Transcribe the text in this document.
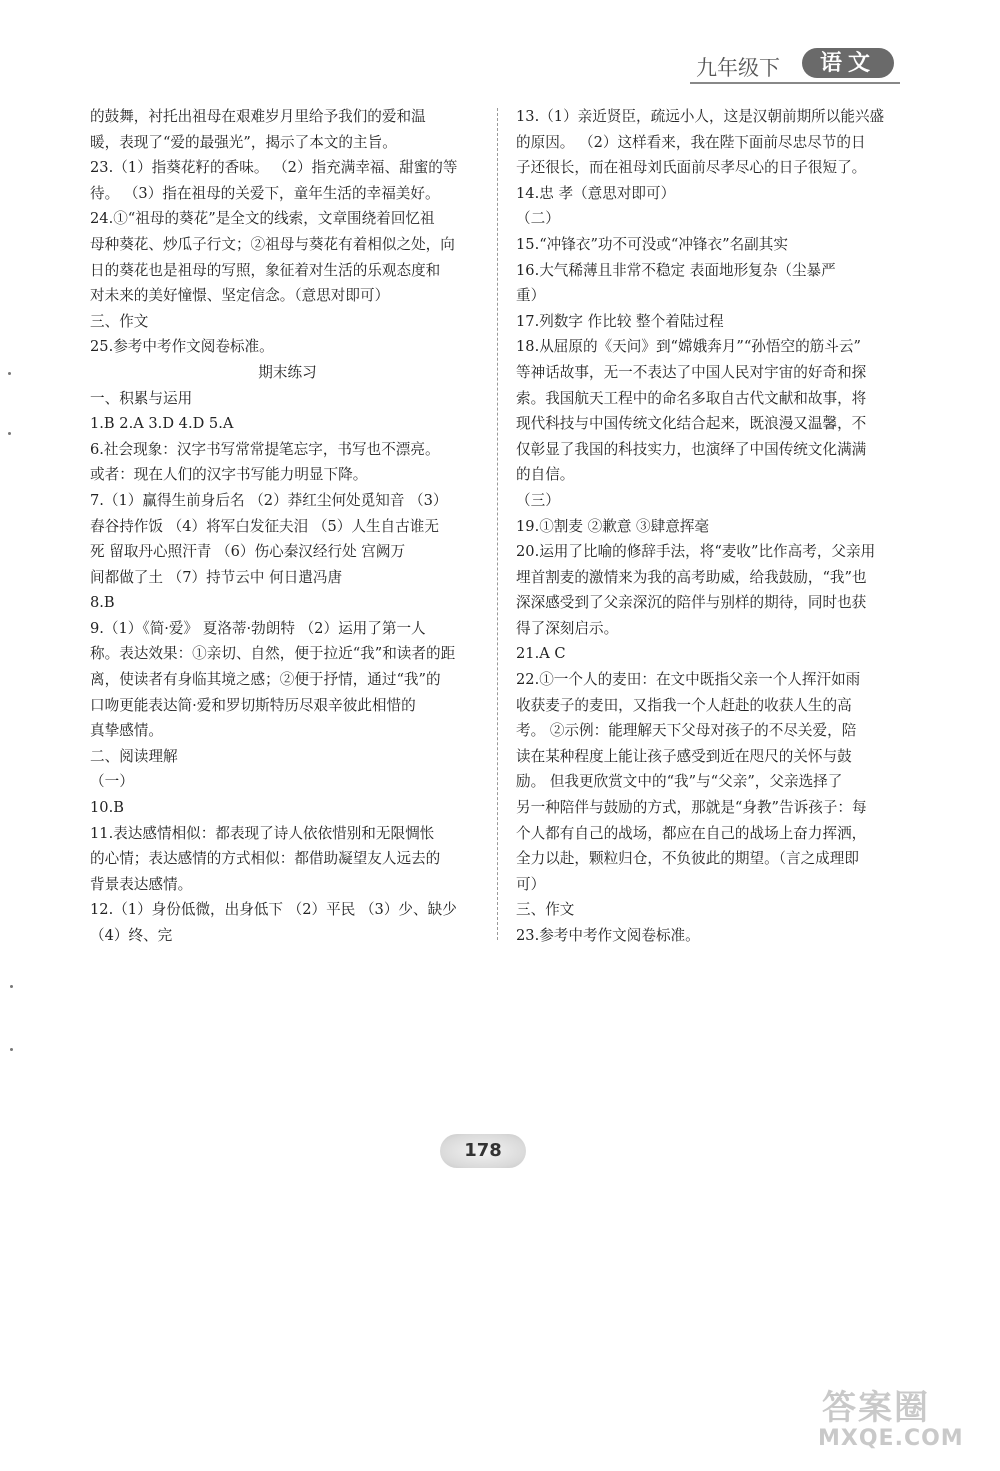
九年级下	语文

的鼓舞，衬托出祖母在艰难岁月里给予我们的爱和温

暖，表现了“爱的最强光”，揭示了本文的主旨。

23.（1）指葵花籽的香味。 （2）指充满幸福、甜蜜的等

待。 （3）指在祖母的关爱下，童年生活的幸福美好。

24.①“祖母的葵花”是全文的线索，文章围绕着回忆祖

母种葵花、炒瓜子行文；②祖母与葵花有着相似之处，向

日的葵花也是祖母的写照，象征着对生活的乐观态度和

对未来的美好憧憬、坚定信念。（意思对即可）

三、作文

25.参考中考作文阅卷标准。

期末练习

一、积累与运用

1.B 2.A 3.D 4.D 5.A

6.社会现象：汉字书写常常提笔忘字，书写也不漂亮。

或者：现在人们的汉字书写能力明显下降。

7.（1）赢得生前身后名 （2）莽红尘何处觅知音 （3）

舂谷持作饭 （4）将军白发征夫泪 （5）人生自古谁无

死 留取丹心照汗青 （6）伤心秦汉经行处 宫阙万

间都做了土 （7）持节云中 何日遣冯唐

8.B

9.（1）《简·爱》 夏洛蒂·勃朗特 （2）运用了第一人

称。表达效果：①亲切、自然，便于拉近“我”和读者的距

离，使读者有身临其境之感；②便于抒情，通过“我”的

口吻更能表达简·爱和罗切斯特历尽艰辛彼此相惜的

真挚感情。

二、阅读理解

（一）

10.B

11.表达感情相似：都表现了诗人依依惜别和无限惆怅

的心情；表达感情的方式相似：都借助凝望友人远去的

背景表达感情。

12.（1）身份低微，出身低下 （2）平民 （3）少、缺少

（4）终、完

13.（1）亲近贤臣，疏远小人，这是汉朝前期所以能兴盛

的原因。 （2）这样看来，我在陛下面前尽忠尽节的日

子还很长，而在祖母刘氏面前尽孝尽心的日子很短了。

14.忠 孝（意思对即可）

（二）

15.“冲锋衣”功不可没或“冲锋衣”名副其实

16.大气稀薄且非常不稳定 表面地形复杂（尘暴严

重）

17.列数字 作比较 整个着陆过程

18.从屈原的《天问》到“嫦娥奔月”“孙悟空的筋斗云”

等神话故事，无一不表达了中国人民对宇宙的好奇和探

索。我国航天工程中的命名多取自古代文献和故事，将

现代科技与中国传统文化结合起来，既浪漫又温馨，不

仅彰显了我国的科技实力，也演绎了中国传统文化满满

的自信。

（三）

19.①割麦 ②歉意 ③肆意挥毫

20.运用了比喻的修辞手法，将“麦收”比作高考，父亲用

埋首割麦的激情来为我的高考助威，给我鼓励，“我”也

深深感受到了父亲深沉的陪伴与别样的期待，同时也获

得了深刻启示。

21.A C

22.①一个人的麦田：在文中既指父亲一个人挥汗如雨

收获麦子的麦田，又指我一个人赶赴的收获人生的高

考。 ②示例：能理解天下父母对孩子的不尽关爱，陪

读在某种程度上能让孩子感受到近在咫尺的关怀与鼓

励。 但我更欣赏文中的“我”与“父亲”，父亲选择了

另一种陪伴与鼓励的方式，那就是“身教”告诉孩子：每

个人都有自己的战场，都应在自己的战场上奋力挥洒，

全力以赴，颗粒归仓，不负彼此的期望。（言之成理即

可）

三、作文

23.参考中考作文阅卷标准。

178
答案圈
MXQE.COM
